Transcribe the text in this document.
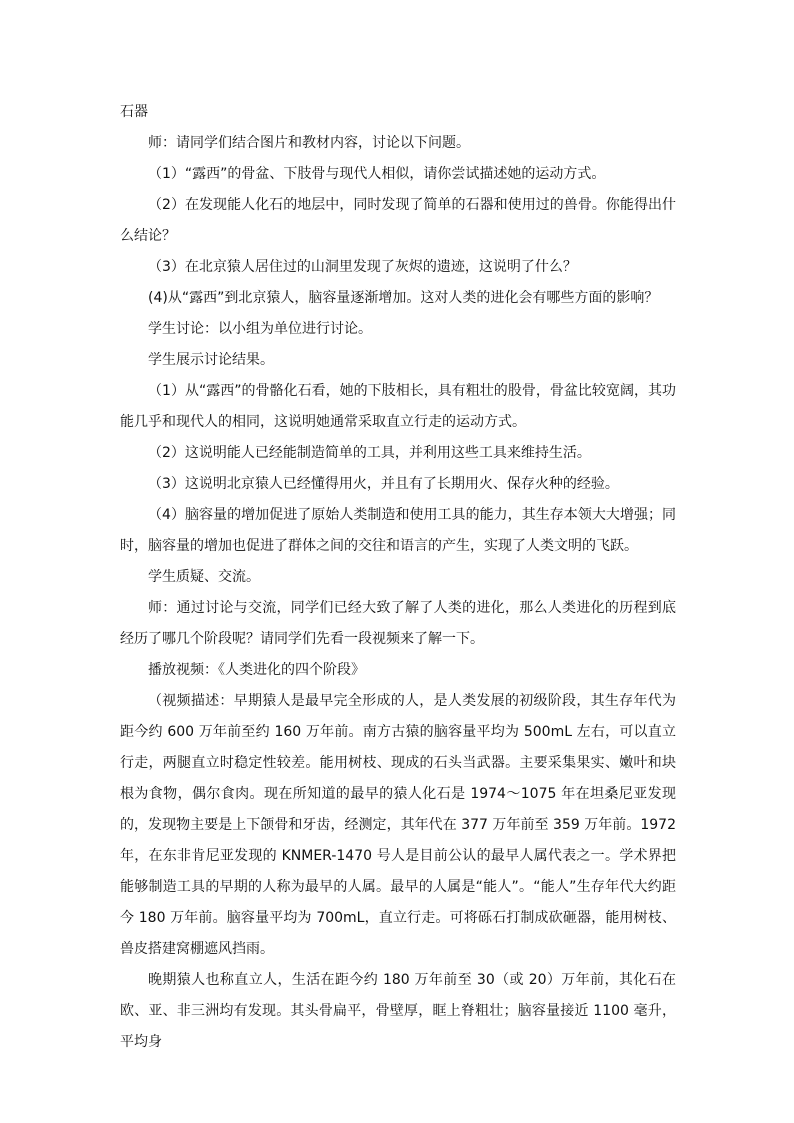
石器

师：请同学们结合图片和教材内容，讨论以下问题。

（1）“露西”的骨盆、下肢骨与现代人相似，请你尝试描述她的运动方式。

（2）在发现能人化石的地层中，同时发现了简单的石器和使用过的兽骨。你能得出什么结论？

（3）在北京猿人居住过的山洞里发现了灰烬的遗迹，这说明了什么？

(4)从“露西”到北京猿人，脑容量逐渐增加。这对人类的进化会有哪些方面的影响？

学生讨论：以小组为单位进行讨论。

学生展示讨论结果。

（1）从“露西”的骨骼化石看，她的下肢相长，具有粗壮的股骨，骨盆比较宽阔，其功能几乎和现代人的相同，这说明她通常采取直立行走的运动方式。

（2）这说明能人已经能制造简单的工具，并利用这些工具来维持生活。

（3）这说明北京猿人已经懂得用火，并且有了长期用火、保存火种的经验。

（4）脑容量的增加促进了原始人类制造和使用工具的能力，其生存本领大大增强；同时，脑容量的增加也促进了群体之间的交往和语言的产生，实现了人类文明的飞跃。

学生质疑、交流。

师：通过讨论与交流，同学们已经大致了解了人类的进化，那么人类进化的历程到底经历了哪几个阶段呢？请同学们先看一段视频来了解一下。

播放视频：《人类进化的四个阶段》

（视频描述：早期猿人是最早完全形成的人，是人类发展的初级阶段，其生存年代为距今约 600 万年前至约 160 万年前。南方古猿的脑容量平均为 500mL 左右，可以直立行走，两腿直立时稳定性较差。能用树枝、现成的石头当武器。主要采集果实、嫩叶和块根为食物，偶尔食肉。现在所知道的最早的猿人化石是 1974～1075 年在坦桑尼亚发现的，发现物主要是上下颌骨和牙齿，经测定，其年代在 377 万年前至 359 万年前。1972 年，在东非肯尼亚发现的 KNMER-1470 号人是目前公认的最早人属代表之一。学术界把能够制造工具的早期的人称为最早的人属。最早的人属是“能人”。“能人”生存年代大约距今 180 万年前。脑容量平均为 700mL，直立行走。可将砾石打制成砍砸器，能用树枝、兽皮搭建窝棚遮风挡雨。

晚期猿人也称直立人，生活在距今约 180 万年前至 30（或 20）万年前，其化石在欧、亚、非三洲均有发现。其头骨扁平，骨壁厚，眶上脊粗壮；脑容量接近 1100 毫升，平均身
